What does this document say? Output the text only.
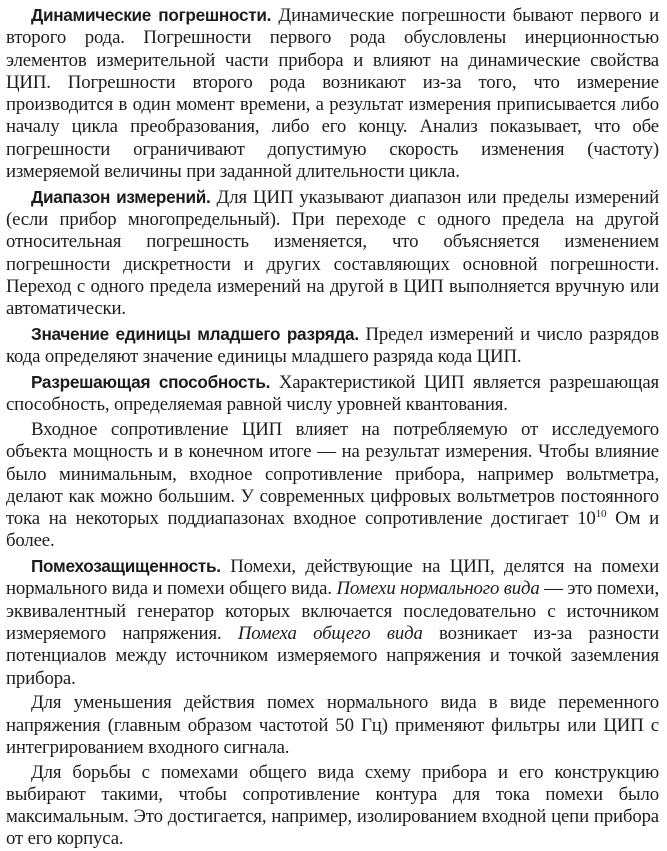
Динамические погрешности. Динамические погрешности бывают первого и второго рода. Погрешности первого рода обусловлены инерционностью элементов измерительной части прибора и влияют на динамические свойства ЦИП. Погрешности второго рода возникают из-за того, что измерение производится в один момент времени, а результат измерения приписывается либо началу цикла преобразования, либо его концу. Анализ показывает, что обе погрешности ограничивают допустимую скорость изменения (частоту) измеряемой величины при заданной длительности цикла.

Диапазон измерений. Для ЦИП указывают диапазон или пределы измерений (если прибор многопредельный). При переходе с одного предела на другой относительная погрешность изменяется, что объясняется изменением погрешности дискретности и других составляющих основной погрешности. Переход с одного предела измерений на другой в ЦИП выполняется вручную или автоматически.

Значение единицы младшего разряда. Предел измерений и число разрядов кода определяют значение единицы младшего разряда кода ЦИП.

Разрешающая способность. Характеристикой ЦИП является разрешающая способность, определяемая равной числу уровней квантования.

Входное сопротивление ЦИП влияет на потребляемую от исследуемого объекта мощность и в конечном итоге — на результат измерения. Чтобы влияние было минимальным, входное сопротивление прибора, например вольтметра, делают как можно большим. У современных цифровых вольтметров постоянного тока на некоторых поддиапазонах входное сопротивление достигает $10^{10}$ Ом и более.

Помехозащищенность. Помехи, действующие на ЦИП, делятся на помехи нормального вида и помехи общего вида. Помехи нормального вида — это помехи, эквивалентный генератор которых включается последовательно с источником измеряемого напряжения. Помеха общего вида возникает из-за разности потенциалов между источником измеряемого напряжения и точкой заземления прибора.

Для уменьшения действия помех нормального вида в виде переменного напряжения (главным образом частотой 50 Гц) применяют фильтры или ЦИП с интегрированием входного сигнала.

Для борьбы с помехами общего вида схему прибора и его конструкцию выбирают такими, чтобы сопротивление контура для тока помехи было максимальным. Это достигается, например, изолированием входной цепи прибора от его корпуса.
